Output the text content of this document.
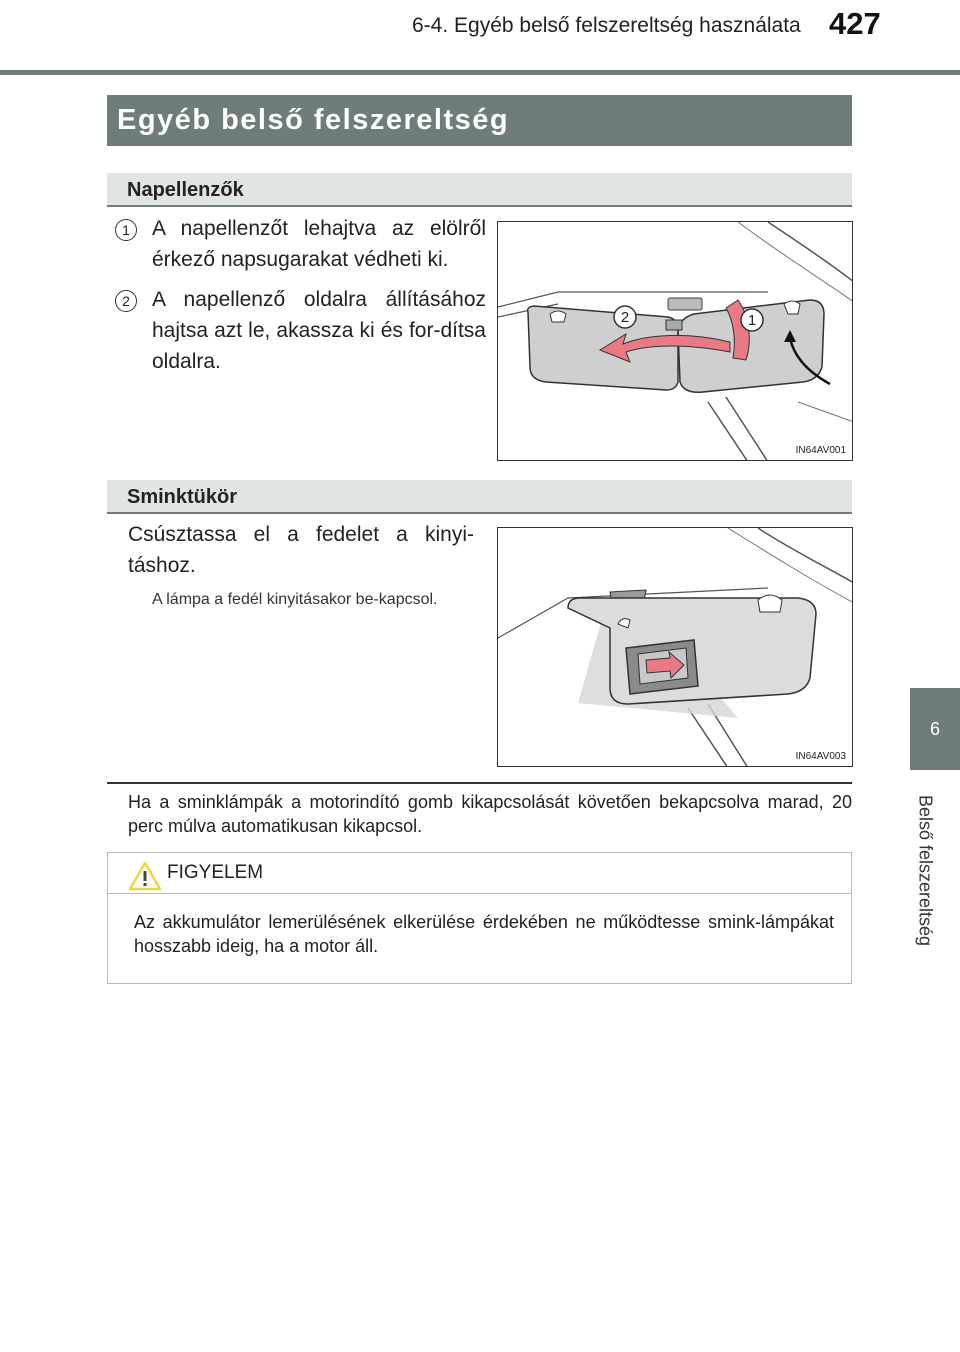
6-4. Egyéb belső felszereltség használata 427
6
Belső felszereltség
Egyéb belső felszereltség
Napellenzők
1	A napellenzőt lehajtva az elölről érkező napsugarakat védheti ki.
2	A napellenző oldalra állításához hajtsa azt le, akassza ki és for-dítsa oldalra.
2	1
IN64AV001
Sminktükör
Csúsztassa el a fedelet a kinyi-táshoz.
A lámpa a fedél kinyitásakor be-kapcsol.
IN64AV003
Ha a sminklámpák a motorindító gomb kikapcsolását követően bekapcsolva marad, 20 perc múlva automatikusan kikapcsol.
FIGYELEM
Az akkumulátor lemerülésének elkerülése érdekében ne működtesse smink-lámpákat hosszabb ideig, ha a motor áll.
